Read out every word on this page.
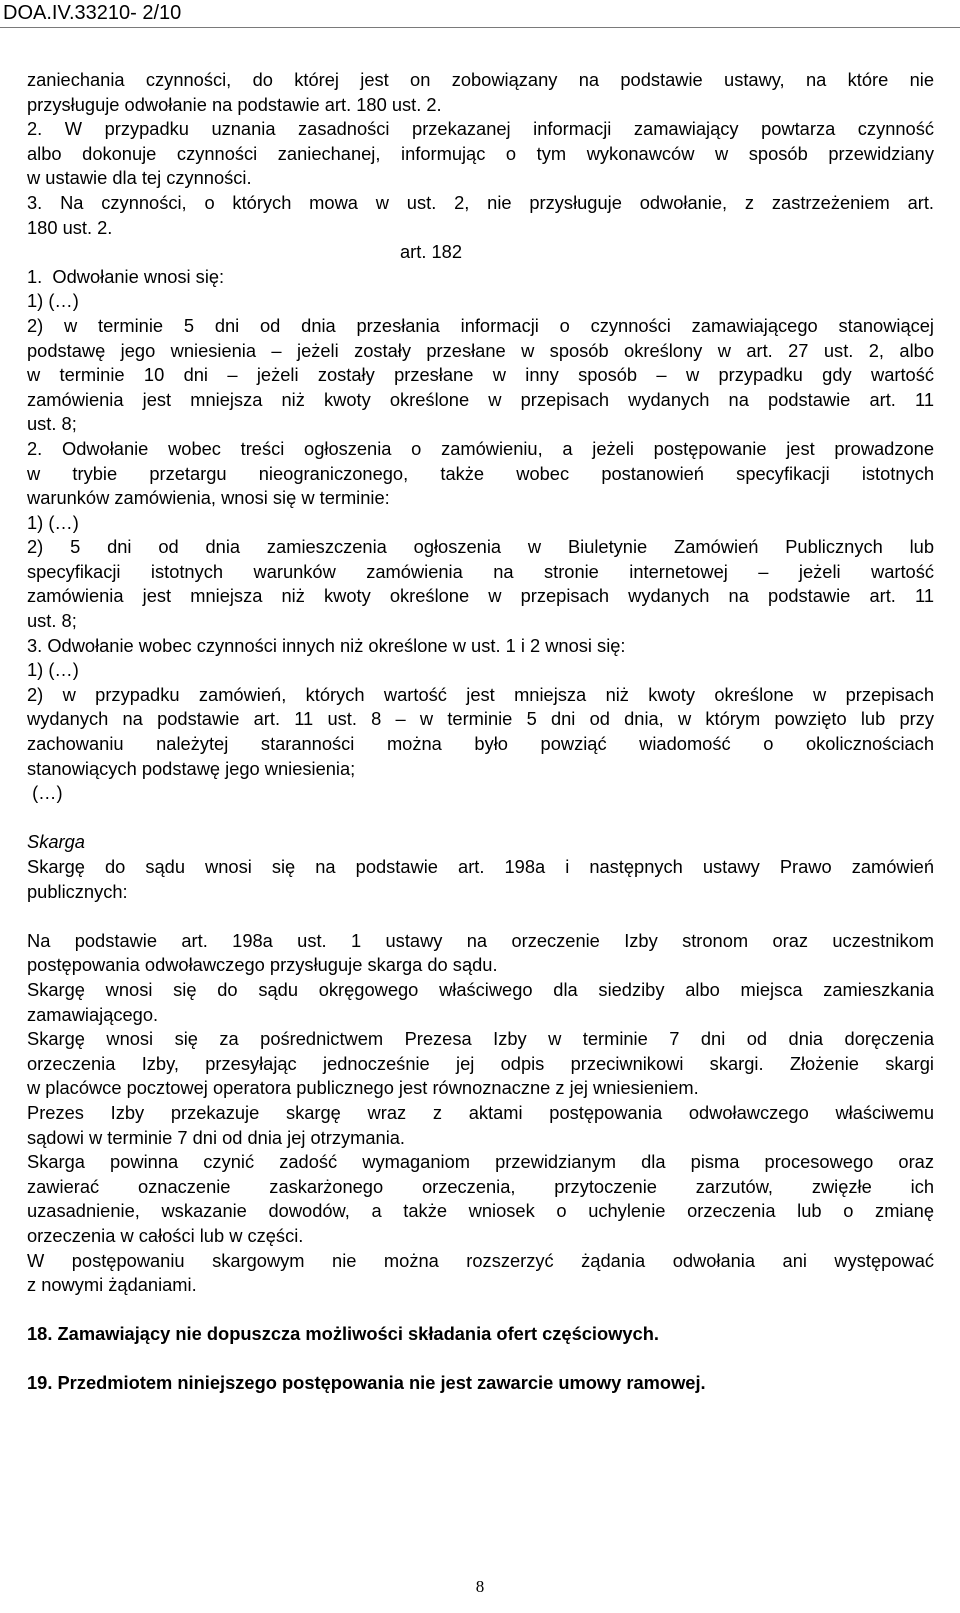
DOA.IV.33210- 2/10
zaniechania czynności, do której jest on zobowiązany na podstawie ustawy, na które nie
przysługuje odwołanie na podstawie art. 180 ust. 2.
2. W przypadku uznania zasadności przekazanej informacji zamawiający powtarza czynność
albo dokonuje czynności zaniechanej, informując o tym wykonawców w sposób przewidziany
w ustawie dla tej czynności.
3. Na czynności, o których mowa w ust. 2, nie przysługuje odwołanie, z zastrzeżeniem art.
180 ust. 2.
art. 182
1.  Odwołanie wnosi się:
1) (…)
2) w terminie 5 dni od dnia przesłania informacji o czynności zamawiającego stanowiącej
podstawę jego wniesienia – jeżeli zostały przesłane w sposób określony w art. 27 ust. 2, albo
w terminie 10 dni – jeżeli zostały przesłane w inny sposób – w przypadku gdy wartość
zamówienia jest mniejsza niż kwoty określone w przepisach wydanych na podstawie art. 11
ust. 8;
2. Odwołanie wobec treści ogłoszenia o zamówieniu, a jeżeli postępowanie jest prowadzone
w trybie przetargu nieograniczonego, także wobec postanowień specyfikacji istotnych
warunków zamówienia, wnosi się w terminie:
1) (…)
2) 5 dni od dnia zamieszczenia ogłoszenia w Biuletynie Zamówień Publicznych lub
specyfikacji istotnych warunków zamówienia na stronie internetowej – jeżeli wartość
zamówienia jest mniejsza niż kwoty określone w przepisach wydanych na podstawie art. 11
ust. 8;
3. Odwołanie wobec czynności innych niż określone w ust. 1 i 2 wnosi się:
1) (…)
2) w przypadku zamówień, których wartość jest mniejsza niż kwoty określone w przepisach
wydanych na podstawie art. 11 ust. 8 – w terminie 5 dni od dnia, w którym powzięto lub przy
zachowaniu należytej staranności można było powziąć wiadomość o okolicznościach
stanowiących podstawę jego wniesienia;
(…)
Skarga
Skargę do sądu wnosi się na podstawie art. 198a i następnych ustawy Prawo zamówień
publicznych:
Na podstawie art. 198a ust. 1 ustawy na orzeczenie Izby stronom oraz uczestnikom
postępowania odwoławczego przysługuje skarga do sądu.
Skargę wnosi się do sądu okręgowego właściwego dla siedziby albo miejsca zamieszkania
zamawiającego.
Skargę wnosi się za pośrednictwem Prezesa Izby w terminie 7 dni od dnia doręczenia
orzeczenia Izby, przesyłając jednocześnie jej odpis przeciwnikowi skargi. Złożenie skargi
w placówce pocztowej operatora publicznego jest równoznaczne z jej wniesieniem.
Prezes Izby przekazuje skargę wraz z aktami postępowania odwoławczego właściwemu
sądowi w terminie 7 dni od dnia jej otrzymania.
Skarga powinna czynić zadość wymaganiom przewidzianym dla pisma procesowego oraz
zawierać oznaczenie zaskarżonego orzeczenia, przytoczenie zarzutów, zwięzłe ich
uzasadnienie, wskazanie dowodów, a także wniosek o uchylenie orzeczenia lub o zmianę
orzeczenia w całości lub w części.
W postępowaniu skargowym nie można rozszerzyć żądania odwołania ani występować
z nowymi żądaniami.
18. Zamawiający nie dopuszcza możliwości składania ofert częściowych.
19. Przedmiotem niniejszego postępowania nie jest zawarcie umowy ramowej.
8
